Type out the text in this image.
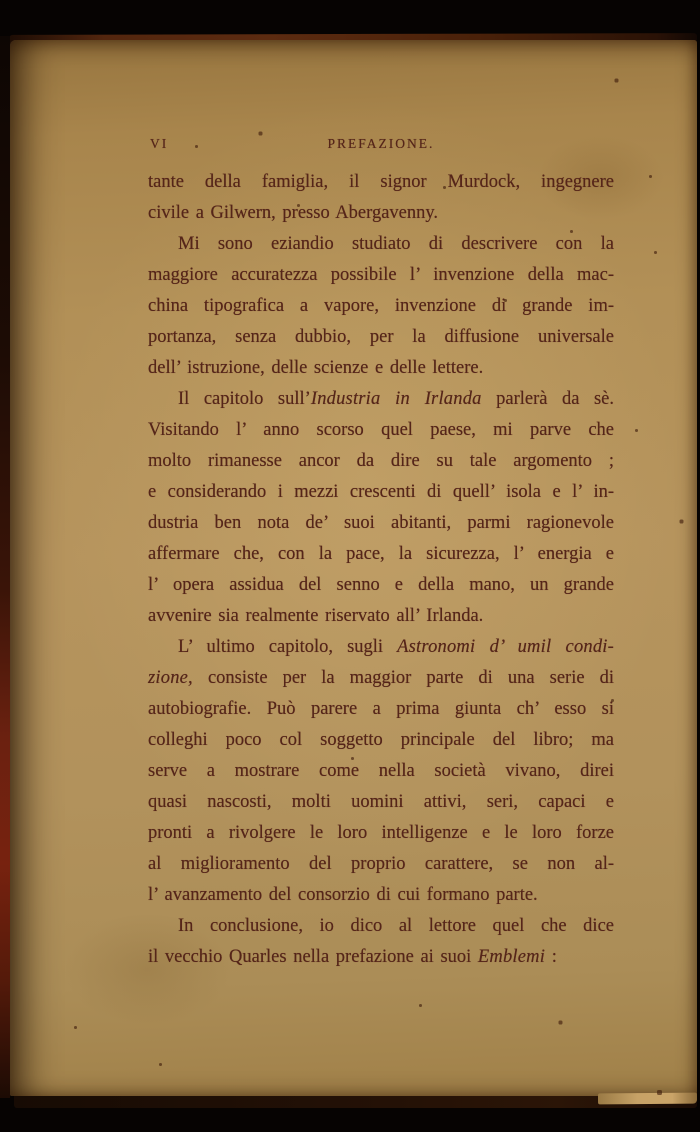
VI	PREFAZIONE.
tante della famiglia, il signor Murdock, ingegnere
civile a Gilwern, presso Abergavenny.
Mi sono eziandio studiato di descrivere con la
maggiore accuratezza possibile l’ invenzione della mac-
china tipografica a vapore, invenzione di grande im-
portanza, senza dubbio, per la diffusione universale
dell’ istruzione, delle scienze e delle lettere.
Il capitolo sull’Industria in Irlanda parlerà da sè.
Visitando l’ anno scorso quel paese, mi parve che
molto rimanesse ancor da dire su tale argomento ;
e considerando i mezzi crescenti di quell’ isola e l’ in-
dustria ben nota de’ suoi abitanti, parmi ragionevole
affermare che, con la pace, la sicurezza, l’ energia e
l’ opera assidua del senno e della mano, un grande
avvenire sia realmente riservato all’ Irlanda.
L’ ultimo capitolo, sugli Astronomi d’ umil condi-
zione, consiste per la maggior parte di una serie di
autobiografie. Può parere a prima giunta ch’ esso si
colleghi poco col soggetto principale del libro; ma
serve a mostrare come nella società vivano, direi
quasi nascosti, molti uomini attivi, seri, capaci e
pronti a rivolgere le loro intelligenze e le loro forze
al miglioramento del proprio carattere, se non al-
l’ avanzamento del consorzio di cui formano parte.
In conclusione, io dico al lettore quel che dice
il vecchio Quarles nella prefazione ai suoi Emblemi :
